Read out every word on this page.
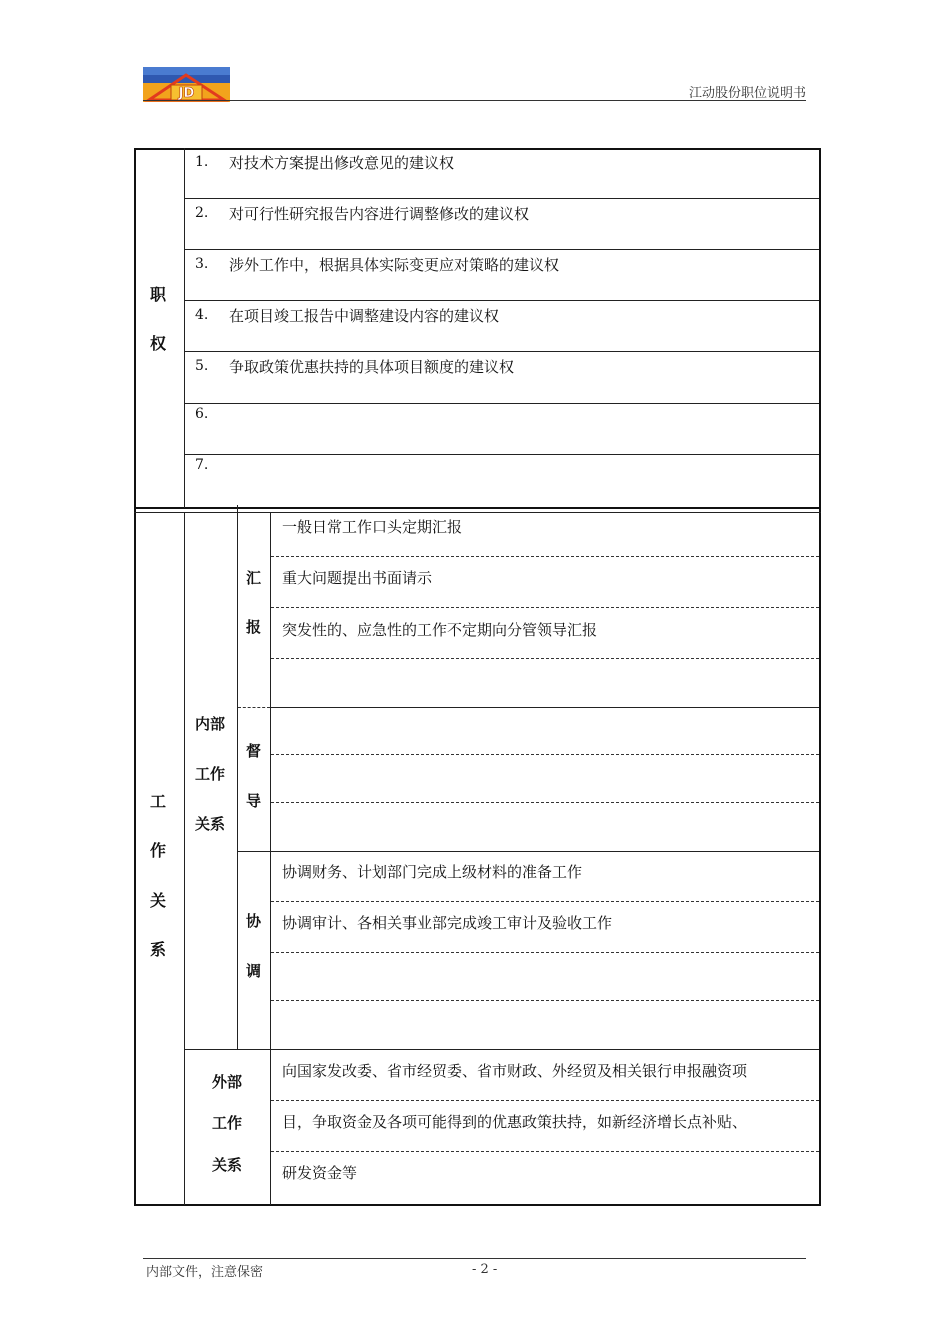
JD	江动股份职位说明书
职
权
1. 对技术方案提出修改意见的建议权
2. 对可行性研究报告内容进行调整修改的建议权
3. 涉外工作中，根据具体实际变更应对策略的建议权
4. 在项目竣工报告中调整建设内容的建议权
5. 争取政策优惠扶持的具体项目额度的建议权
6.
7.
工
作
关
系
内部
工作
关系
汇
报
一般日常工作口头定期汇报
重大问题提出书面请示
突发性的、应急性的工作不定期向分管领导汇报
督
导
协
调
协调财务、计划部门完成上级材料的准备工作
协调审计、各相关事业部完成竣工审计及验收工作
外部
工作
关系
向国家发改委、省市经贸委、省市财政、外经贸及相关银行申报融资项
目，争取资金及各项可能得到的优惠政策扶持，如新经济增长点补贴、
研发资金等
内部文件，注意保密	- 2 -
